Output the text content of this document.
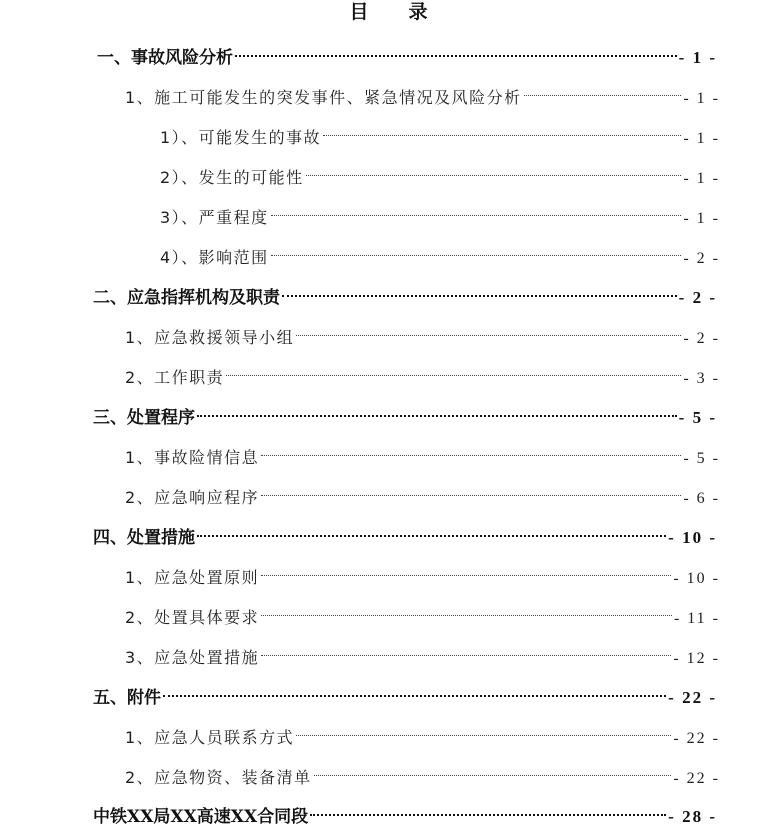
目 录
一、事故风险分析	- 1 -
1、施工可能发生的突发事件、紧急情况及风险分析	- 1 -
1）、可能发生的事故	- 1 -
2）、发生的可能性	- 1 -
3）、严重程度	- 1 -
4）、影响范围	- 2 -
二、应急指挥机构及职责	- 2 -
1、应急救援领导小组	- 2 -
2、工作职责	- 3 -
三、处置程序	- 5 -
1、事故险情信息	- 5 -
2、应急响应程序	- 6 -
四、处置措施	- 10 -
1、应急处置原则	- 10 -
2、处置具体要求	- 11 -
3、应急处置措施	- 12 -
五、附件	- 22 -
1、应急人员联系方式	- 22 -
2、应急物资、装备清单	- 22 -
中铁XX局XX高速XX合同段	- 28 -
